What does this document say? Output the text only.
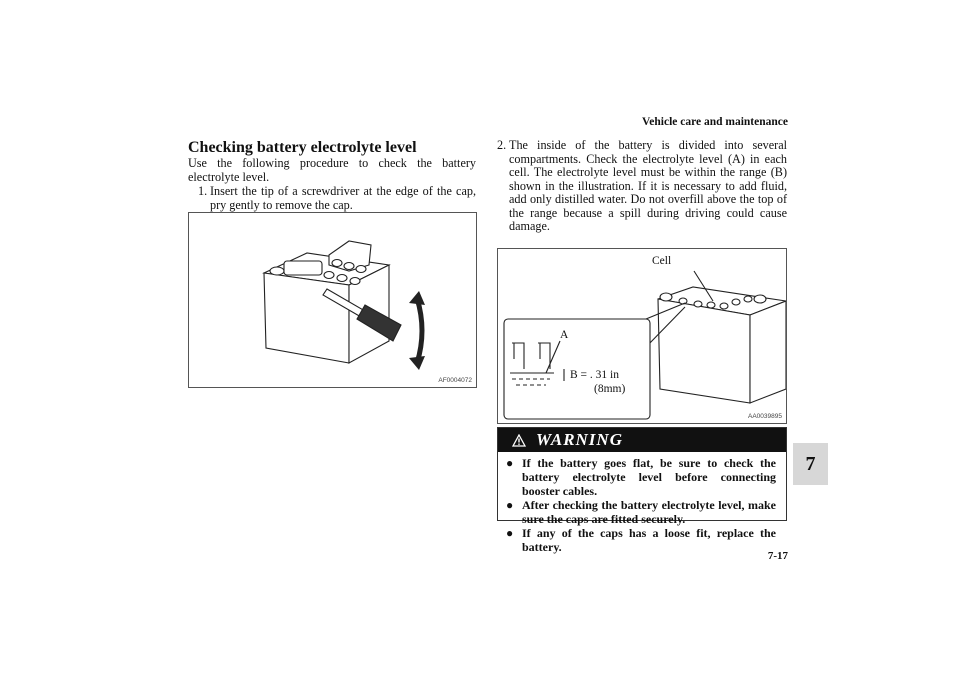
Vehicle care and maintenance
Checking battery electrolyte level
Use the following procedure to check the battery electrolyte level.
1. Insert the tip of a screwdriver at the edge of the cap, pry gently to remove the cap.
AF0004072
2. The inside of the battery is divided into several compartments. Check the electrolyte level (A) in each cell. The electrolyte level must be within the range (B) shown in the illustration. If it is necessary to add fluid, add only distilled water. Do not overfill above the top of the range because a spill during driving could cause damage.
Cell
A
B = . 31 in
(8mm)
AA0039895
WARNING
● If the battery goes flat, be sure to check the battery electrolyte level before connecting booster cables.
● After checking the battery electrolyte level, make sure the caps are fitted securely.
● If any of the caps has a loose fit, replace the battery.
7
7-17
